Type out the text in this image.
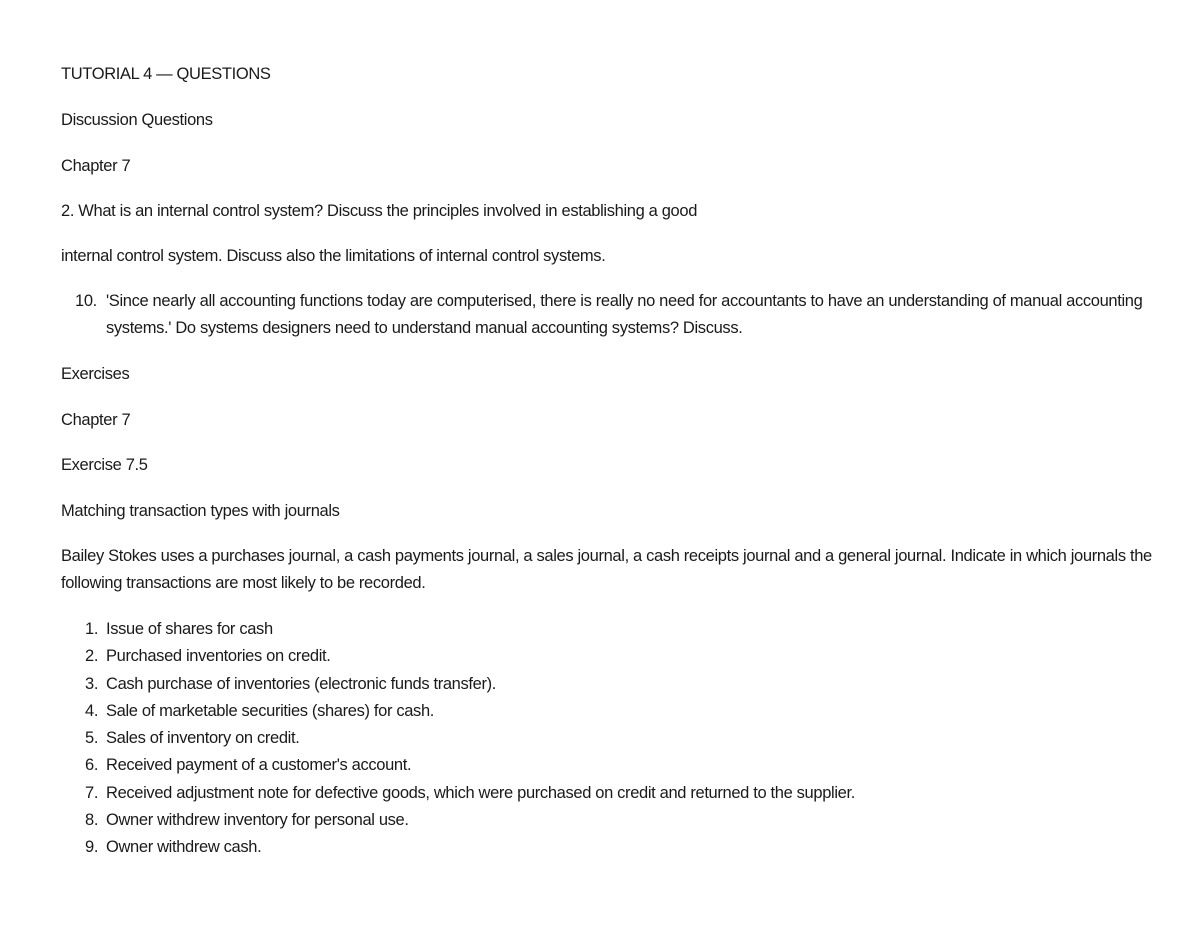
TUTORIAL 4 — QUESTIONS
Discussion Questions
Chapter 7
2. What is an internal control system? Discuss the principles involved in establishing a good
internal control system. Discuss also the limitations of internal control systems.
10. 'Since nearly all accounting functions today are computerised, there is really no need for accountants to have an understanding of manual accounting systems.' Do systems designers need to understand manual accounting systems? Discuss.
Exercises
Chapter 7
Exercise 7.5
Matching transaction types with journals
Bailey Stokes uses a purchases journal, a cash payments journal, a sales journal, a cash receipts journal and a general journal. Indicate in which journals the following transactions are most likely to be recorded.
1. Issue of shares for cash
2. Purchased inventories on credit.
3. Cash purchase of inventories (electronic funds transfer).
4. Sale of marketable securities (shares) for cash.
5. Sales of inventory on credit.
6. Received payment of a customer's account.
7. Received adjustment note for defective goods, which were purchased on credit and returned to the supplier.
8. Owner withdrew inventory for personal use.
9. Owner withdrew cash.
